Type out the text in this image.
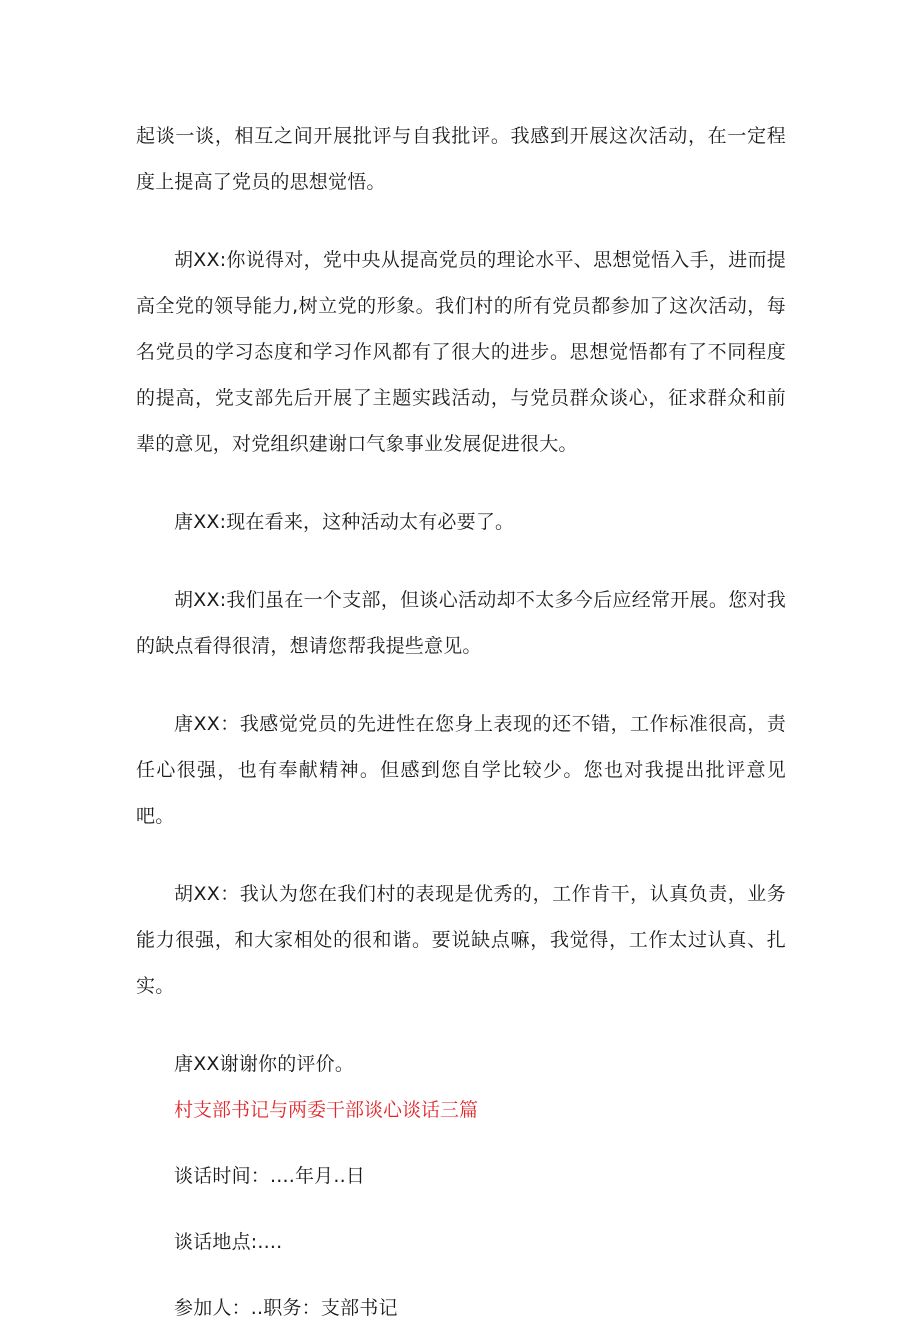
起谈一谈，相互之间开展批评与自我批评。我感到开展这次活动，在一定程度上提高了党员的思想觉悟。

胡XX:你说得对，党中央从提高党员的理论水平、思想觉悟入手，进而提高全党的领导能力,树立党的形象。我们村的所有党员都参加了这次活动，每名党员的学习态度和学习作风都有了很大的进步。思想觉悟都有了不同程度的提高，党支部先后开展了主题实践活动，与党员群众谈心，征求群众和前辈的意见，对党组织建谢口气象事业发展促进很大。

唐XX:现在看来，这种活动太有必要了。

胡XX:我们虽在一个支部，但谈心活动却不太多今后应经常开展。您对我的缺点看得很清，想请您帮我提些意见。

唐XX：我感觉党员的先进性在您身上表现的还不错，工作标准很高，责任心很强，也有奉献精神。但感到您自学比较少。您也对我提出批评意见吧。

胡XX：我认为您在我们村的表现是优秀的，工作肯干，认真负责，业务能力很强，和大家相处的很和谐。要说缺点嘛，我觉得，工作太过认真、扎实。

唐XX谢谢你的评价。

村支部书记与两委干部谈心谈话三篇

谈话时间：....年月..日

谈话地点:....

参加人：..职务：支部书记
